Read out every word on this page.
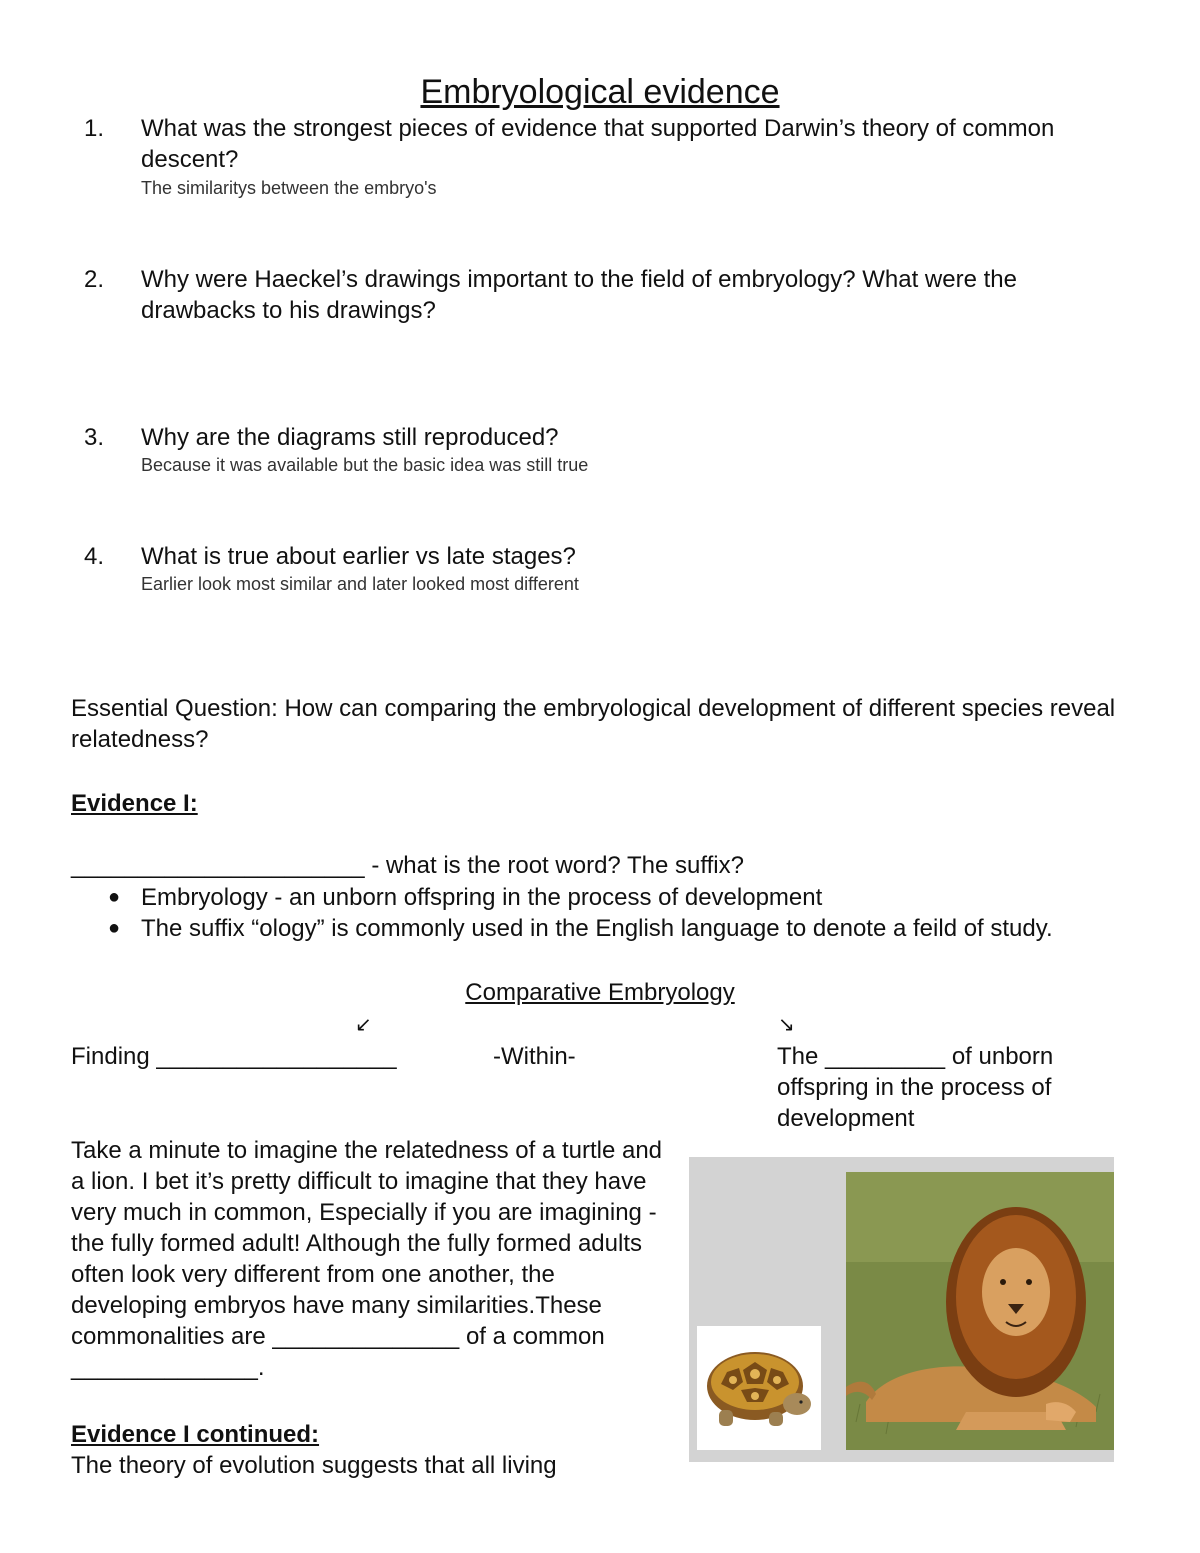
Embryological evidence
1. What was the strongest pieces of evidence that supported Darwin’s theory of common descent?
The similaritys between the embryo's
2. Why were Haeckel’s drawings important to the field of embryology? What were the drawbacks to his drawings?
3. Why are the diagrams still reproduced?
Because it was available but the basic idea was still true
4. What is true about earlier vs late stages?
Earlier look most similar and later looked most different
Essential Question: How can comparing the embryological development of different species reveal relatedness?
Evidence I:
______________________ - what is the root word? The suffix?
● Embryology - an unborn offspring in the process of development
● The suffix “ology” is commonly used in the English language to denote a feild of study.
Comparative Embryology
↙	↘
Finding __________________	-Within-	The _________ of unborn offspring in the process of development
Take a minute to imagine the relatedness of a turtle and a lion. I bet it’s pretty difficult to imagine that they have very much in common, Especially if you are imagining - the fully formed adult! Although the fully formed adults often look very different from one another, the developing embryos have many similarities.These commonalities are ______________ of a common ______________.
Evidence I continued:
The theory of evolution suggests that all living
